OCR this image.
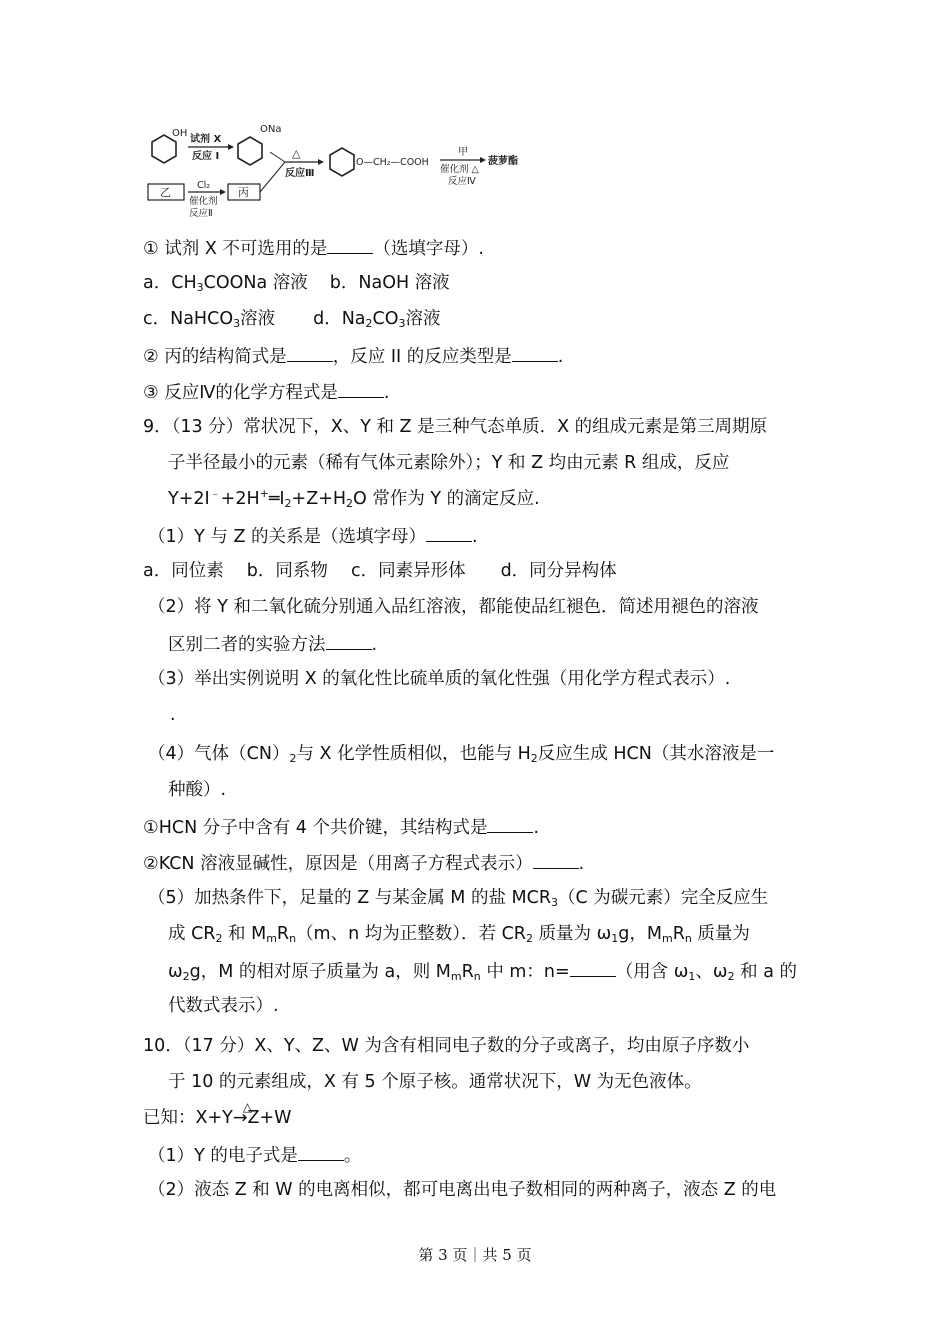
OH
试剂 X
反应 I
ONa
△
反应Ⅲ
O—CH₂—COOH
甲
催化剂 △
反应Ⅳ
菠萝酯
乙
Cl₂
催化剂
反应Ⅱ
丙
① 试剂 X 不可选用的是	（选填字母）.
a．$CH_3COONa$ 溶液 b．NaOH 溶液
c．NaHCO$_3$溶液 d．$Na_2CO_3$溶液
② 丙的结构简式是	，反应 II 的反应类型是	.
③ 反应Ⅳ的化学方程式是	.
9．（13 分）常状况下，X、Y 和 Z 是三种气态单质．X 的组成元素是第三周期原
子半径最小的元素（稀有气体元素除外）；Y 和 Z 均由元素 R 组成，反应
$Y+2I^﹣+2H^+═I_2+Z+H_2O$ 常作为 Y 的滴定反应.
（1）Y 与 Z 的关系是（选填字母）	.
a．同位素　 b．同系物　 c．同素异形体　　d．同分异构体
（2）将 Y 和二氧化硫分别通入品红溶液，都能使品红褪色．简述用褪色的溶液
区别二者的实验方法	.
（3）举出实例说明 X 的氧化性比硫单质的氧化性强（用化学方程式表示）.
.
（4）气体$(CN)_2$与 X 化学性质相似，也能与 $H_2$反应生成 HCN（其水溶液是一
种酸）.
①HCN 分子中含有 4 个共价键，其结构式是	.
②KCN 溶液显碱性，原因是（用离子方程式表示）	.
（5）加热条件下，足量的 Z 与某金属 M 的盐 $MCR_3(C$ 为碳元素）完全反应生
成 $CR_2$ 和 $M_mR_n(m$、n 均为正整数）．若 $CR_2$ 质量为 $\omega_1g$，$M_mR_n$ 质量为
$\omega_2g$，M 的相对原子质量为 a，则 $M_mR_n$ 中 m：n=	（用含 $\omega_1$、$\omega_2$ 和 a 的
代数式表示）.
10．（17 分）X、Y、Z、W 为含有相同电子数的分子或离子，均由原子序数小
于 10 的元素组成，X 有 5 个原子核。通常状况下，W 为无色液体。
已知：X+Y
△
→Z+W
（1）Y 的电子式是	。
（2）液态 Z 和 W 的电离相似，都可电离出电子数相同的两种离子，液态 Z 的电
第 3 页｜共 5 页
